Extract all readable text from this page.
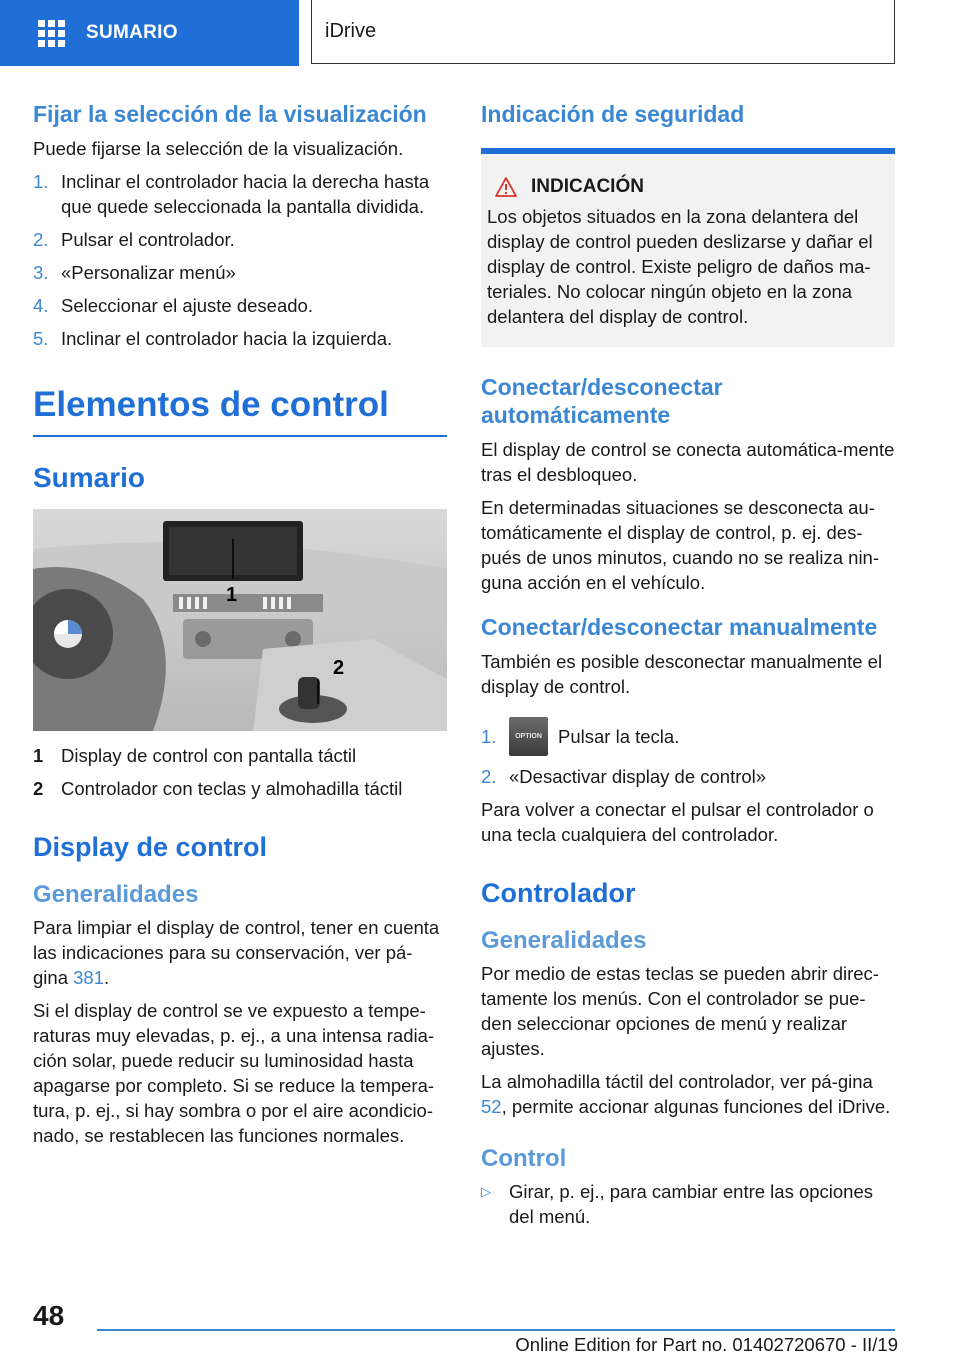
SUMARIO	iDrive
Fijar la selección de la visualización

Puede fijarse la selección de la visualización.

1. Inclinar el controlador hacia la derecha hasta que quede seleccionada la pantalla dividida.
2. Pulsar el controlador.
3. «Personalizar menú»
4. Seleccionar el ajuste deseado.
5. Inclinar el controlador hacia la izquierda.
Elementos de control
Sumario
1
2
1 Display de control con pantalla táctil
2 Controlador con teclas y almohadilla táctil
Display de control
Generalidades

Para limpiar el display de control, tener en cuenta las indicaciones para su conservación, ver pá‐gina 381.

Si el display de control se ve expuesto a tempe‐raturas muy elevadas, p. ej., a una intensa radia‐ción solar, puede reducir su luminosidad hasta apagarse por completo. Si se reduce la tempera‐tura, p. ej., si hay sombra o por el aire acondicio‐nado, se restablecen las funciones normales.

Indicación de seguridad
INDICACIÓN

Los objetos situados en la zona delantera del display de control pueden deslizarse y dañar el display de control. Existe peligro de daños ma‐teriales. No colocar ningún objeto en la zona delantera del display de control.

Conectar/desconectar automáticamente

El display de control se conecta automática‐mente tras el desbloqueo.

En determinadas situaciones se desconecta au‐tomáticamente el display de control, p. ej. des‐pués de unos minutos, cuando no se realiza nin‐guna acción en el vehículo.

Conectar/desconectar manualmente

También es posible desconectar manualmente el display de control.

1.	OPTION Pulsar la tecla.
2. «Desactivar display de control»

Para volver a conectar el pulsar el controlador o una tecla cualquiera del controlador.

Controlador
Generalidades

Por medio de estas teclas se pueden abrir direc‐tamente los menús. Con el controlador se pue‐den seleccionar opciones de menú y realizar ajustes.

La almohadilla táctil del controlador, ver pá‐gina 52, permite accionar algunas funciones del iDrive.

Control
▷ Girar, p. ej., para cambiar entre las opciones del menú.
48
Online Edition for Part no. 01402720670 - II/19
